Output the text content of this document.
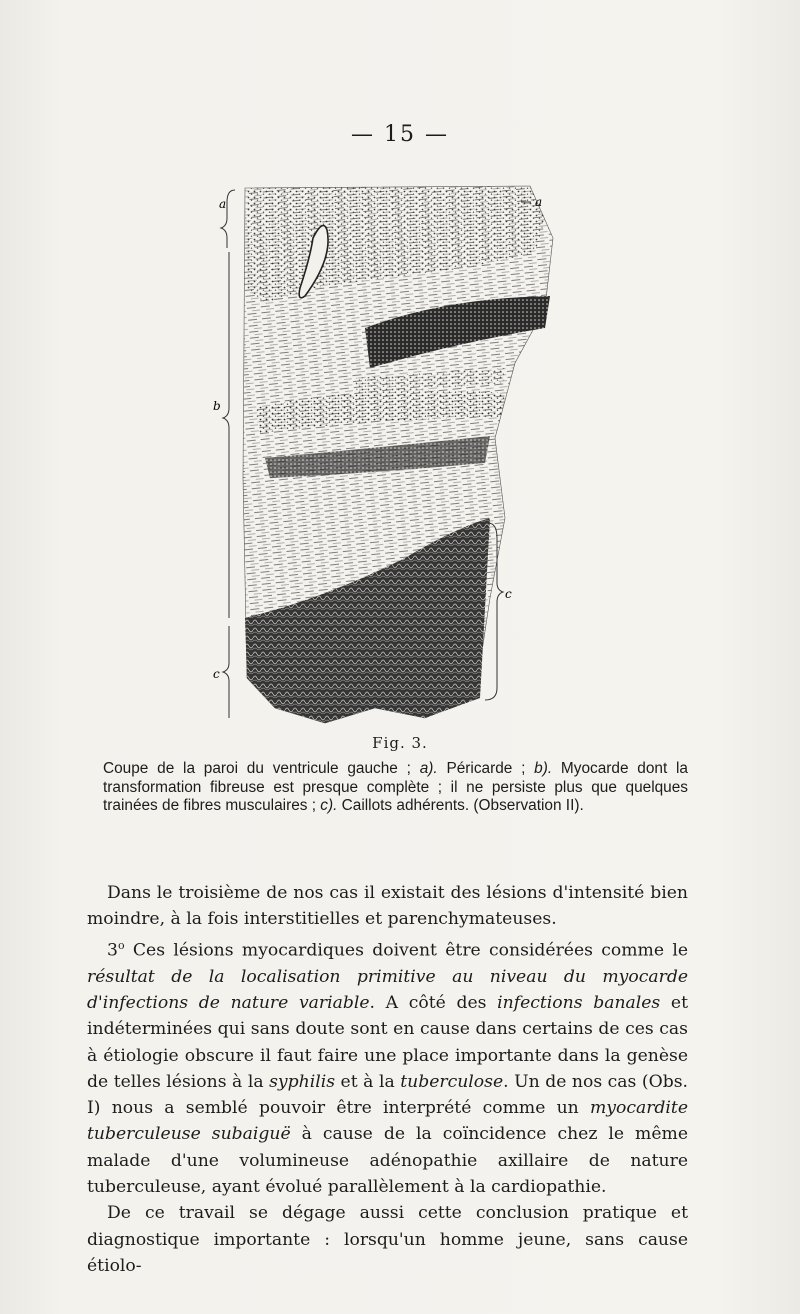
— 15 —
a	a
b
c
c
Fig. 3.
Coupe de la paroi du ventricule gauche ; a). Péricarde ; b). Myocarde dont la transformation fibreuse est presque complète ; il ne persiste plus que quelques trainées de fibres musculaires ; c). Caillots adhérents. (Observation II).

Dans le troisième de nos cas il existait des lésions d'intensité bien moindre, à la fois interstitielles et parenchymateuses.

3$^o$ Ces lésions myocardiques doivent être considérées comme le résultat de la localisation primitive au niveau du myocarde d'infections de nature variable. A côté des infections banales et indéterminées qui sans doute sont en cause dans certains de ces cas à étiologie obscure il faut faire une place importante dans la genèse de telles lésions à la syphilis et à la tuberculose. Un de nos cas (Obs. I) nous a semblé pouvoir être interprété comme un myocardite tuberculeuse subaiguë à cause de la coïncidence chez le même malade d'une volumineuse adénopathie axillaire de nature tuberculeuse, ayant évolué parallèlement à la cardiopathie.

De ce travail se dégage aussi cette conclusion pratique et diagnostique importante : lorsqu'un homme jeune, sans cause étiolo-
